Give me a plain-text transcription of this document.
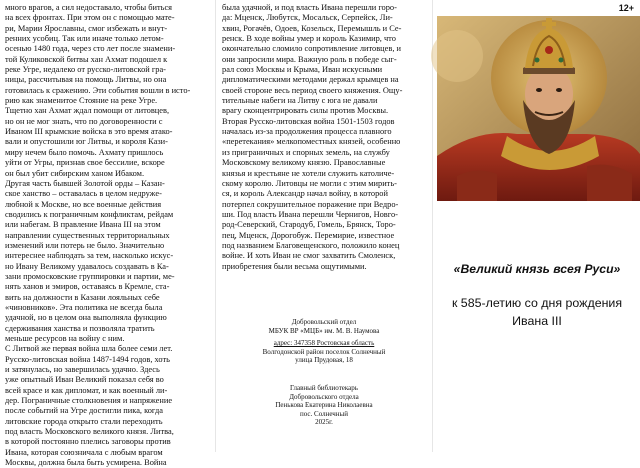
много врагов, а сил недоставало, чтобы биться
на всех фронтах. При этом он с помощью мате-
ри, Марии Ярославны, смог избежать и внут-
ренних усобиц. Так или иначе только летом-
осенью 1480 года, через сто лет после знамени-
той Куликовской битвы хан Ахмат подошел к
реке Угре, недалеко от русско-литовской гра-
ницы, рассчитывая на помощь Литвы, но она
готовилась к сражению. Эти события вошли в исто-
рию как знаменитое Стояние на реке Угре.
Тщетно хан Ахмат ждал помощи от литовцев,
но он не мог знать, что по договоренности с
Иваном III крымские войска в это время атако-
вали и опустошили юг Литвы, и короля Кази-
миру нечем было помочь. Ахмату пришлось
уйти от Угры, признав свое бессилие, вскоре
он был убит сибирским ханом Ибаком.
Другая часть бывшей Золотой орды – Казан-
ское ханство – оставалась в целом недруже-
любной к Москве, но все военные действия
сводились к пограничным конфликтам, рейдам
или набегам. В правление Ивана III на этом
направлении существенных территориальных
изменений или потерь не было. Значительно
интереснее наблюдать за тем, насколько искус-
но Ивану Великому удавалось создавать в Ка-
зани промосковские группировки и партии, ме-
нять ханов и эмиров, оставаясь в Кремле, ста-
вить на должности в Казани лояльных себе
«чиновников». Эта политика не всегда была
удачной, но в целом она выполняла функцию
сдерживания ханства и позволяла тратить
меньше ресурсов на войну с ним.
С Литвой же первая война шла более семи лет.
Русско-литовская война 1487-1494 годов, хоть
и затянулась, но завершилась удачно. Здесь
уже опытный Иван Великий показал себя во
всей красе и как дипломат, и как военный ли-
дер. Пограничные столкновения и напряжение
после событий на Угре достигли пика, когда
литовские города открыто стали переходить
под власть Московского великого князя. Литва,
в которой постоянно плелись заговоры против
Ивана, которая союзничала с любым врагом
Москвы, должна была быть усмирена. Война

была удачной, и под власть Ивана перешли горо-
да: Мценск, Любутск, Мосальск, Серпейск, Ли-
хвин, Рогачёв, Одоев, Козельск, Перемышль и Се-
ренск. В ходе войны умер и король Казимир, что
окончательно сломило сопротивление литовцев, и
они запросили мира. Важную роль в победе сыг-
рал союз Москвы и Крыма, Иван искусными
дипломатическими методами держал крымцев на
своей стороне весь период своего княжения. Ощу-
тительные набеги на Литву с юга не давали
врагу сконцентрировать силы против Москвы.
Вторая Русско-литовская война 1501-1503 годов
началась из-за продолжения процесса плавного
«перетекания» мелкопоместных князей, особенно
из приграничных и спорных земель, на службу
Московскому великому князю. Православные
князья и крестьяне не хотели служить католиче-
скому королю. Литовцы не могли с этим мирить-
ся, и король Александр начал войну, в которой
потерпел сокрушительное поражение при Ведро-
ши. Под власть Ивана перешли Чернигов, Новго-
род-Северский, Стародуб, Гомель, Брянск, Торо-
пец, Мценск, Дорогобуж. Перемирие, известное
под названием Благовещенского, положило конец
войне. И хоть Иван не смог захватить Смоленск,
приобретения были весьма ощутимыми.

Добровольский отдел
МБУК ВР «МЦБ» им. М. В. Наумова
адрес: 347358 Ростовская область
Волгодонской район поселок Солнечный
улица Прудовая, 18
Главный библиотекарь
Добровольского отдела
Пенькова Екатерина Николаевна
пос. Солнечный
2025г.
12+
«Великий князь всея Руси»
к 585-летию со дня рождения
Ивана III
